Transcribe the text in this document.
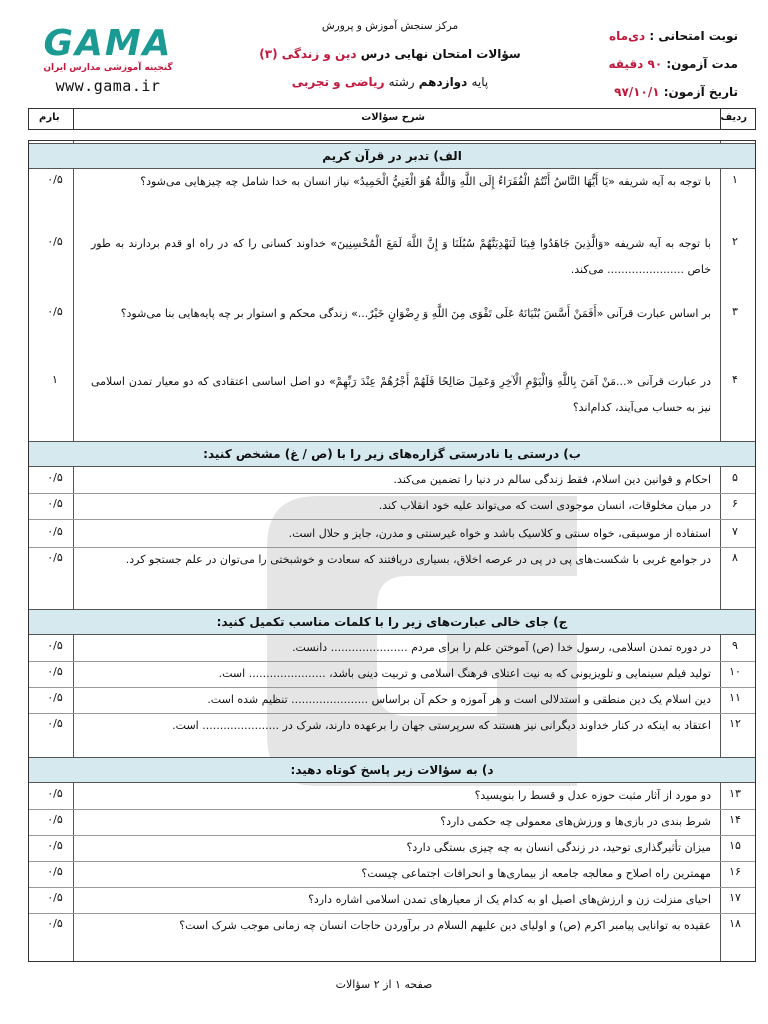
نوبت امتحانی : دی‌ماه
مدت آزمون: ۹۰ دقیقه
تاریخ آزمون: ۹۷/۱۰/۱
مرکز سنجش آموزش و پرورش
سؤالات امتحان نهایی درس دین و زندگی (۳)
پایه دوازدهم رشته ریاضی و تجربی
GAMA
گنجینه آموزشی مدارس ایران
www.gama.ir
ردیف
شرح سؤالات
بارم
الف) تدبر در قرآن کریم
۱
با توجه به آیه شریفه «يَا أَيُّهَا النَّاسُ أَنْتُمُ الْفُقَرَاءُ إِلَى اللَّهِ وَاللَّهُ هُوَ الْغَنِيُّ الْحَمِيدُ» نیاز انسان به خدا شامل چه چیزهایی می‌شود؟
۰/۵
۲
با توجه به آیه شریفه «وَالَّذِينَ جَاهَدُوا فِينَا لَنَهْدِيَنَّهُمْ سُبُلَنَا وَ إِنَّ اللَّهَ لَمَعَ الْمُحْسِنِينَ» خداوند کسانی را که در راه او قدم بردارند به طور خاص ...................... می‌کند.
۰/۵
۳
بر اساس عبارت قرآنی «أَفَمَنْ أَسَّسَ بُنْيَانَهُ عَلَى تَقْوَى مِنَ اللَّهِ وَ رِضْوَانٍ خَيْرٌ...» زندگی محکم و استوار بر چه پایه‌هایی بنا می‌شود؟
۰/۵
۴
در عبارت قرآنی «...مَنْ آمَنَ بِاللَّهِ وَالْيَوْمِ الْآخِرِ وَعَمِلَ صَالِحًا فَلَهُمْ أَجْرُهُمْ عِنْدَ رَبِّهِمْ» دو اصل اساسی اعتقادی که دو معیار تمدن اسلامی نیز به حساب می‌آیند، کدام‌اند؟
۱
ب) درستی یا نادرستی گزاره‌های زیر را با (ص / غ) مشخص کنید:
۵
احکام و قوانین دین اسلام، فقط زندگی سالم در دنیا را تضمین می‌کند.
۰/۵
۶
در میان مخلوقات، انسان موجودی است که می‌تواند علیه خود انقلاب کند.
۰/۵
۷
استفاده از موسیقی، خواه سنتی و کلاسیک باشد و خواه غیرسنتی و مدرن، جایز و حلال است.
۰/۵
۸
در جوامع غربی با شکست‌های پی در پی در عرصه اخلاق، بسیاری دریافتند که سعادت و خوشبختی را می‌توان در علم جستجو کرد.
۰/۵
ج) جای خالی عبارت‌های زیر را با کلمات مناسب تکمیل کنید:
۹
در دوره تمدن اسلامی، رسول خدا (ص) آموختن علم را برای مردم ...................... دانست.
۰/۵
۱۰
تولید فیلم سینمایی و تلویزیونی که به نیت اعتلای فرهنگ اسلامی و تربیت دینی باشد، ...................... است.
۰/۵
۱۱
دین اسلام یک دین منطقی و استدلالی است و هر آموزه و حکم آن براساس ...................... تنظیم شده است.
۰/۵
۱۲
اعتقاد به اینکه در کنار خداوند دیگرانی نیز هستند که سرپرستی جهان را برعهده دارند، شرک در ...................... است.
۰/۵
د) به سؤالات زیر پاسخ کوتاه دهید:
۱۳
دو مورد از آثار مثبت حوزه عدل و قسط را بنویسید؟
۰/۵
۱۴
شرط بندی در بازی‌ها و ورزش‌های معمولی چه حکمی دارد؟
۰/۵
۱۵
میزان تأثیرگذاری توحید، در زندگی انسان به چه چیزی بستگی دارد؟
۰/۵
۱۶
مهمترین راه اصلاح و معالجه جامعه از بیماری‌ها و انحرافات اجتماعی چیست؟
۰/۵
۱۷
احیای منزلت زن و ارزش‌های اصیل او به کدام یک از معیارهای تمدن اسلامی اشاره دارد؟
۰/۵
۱۸
عقیده به توانایی پیامبر اکرم (ص) و اولیای دین علیهم السلام در برآوردن حاجات انسان چه زمانی موجب شرک است؟
۰/۵
صفحه ۱ از ۲ سؤالات
